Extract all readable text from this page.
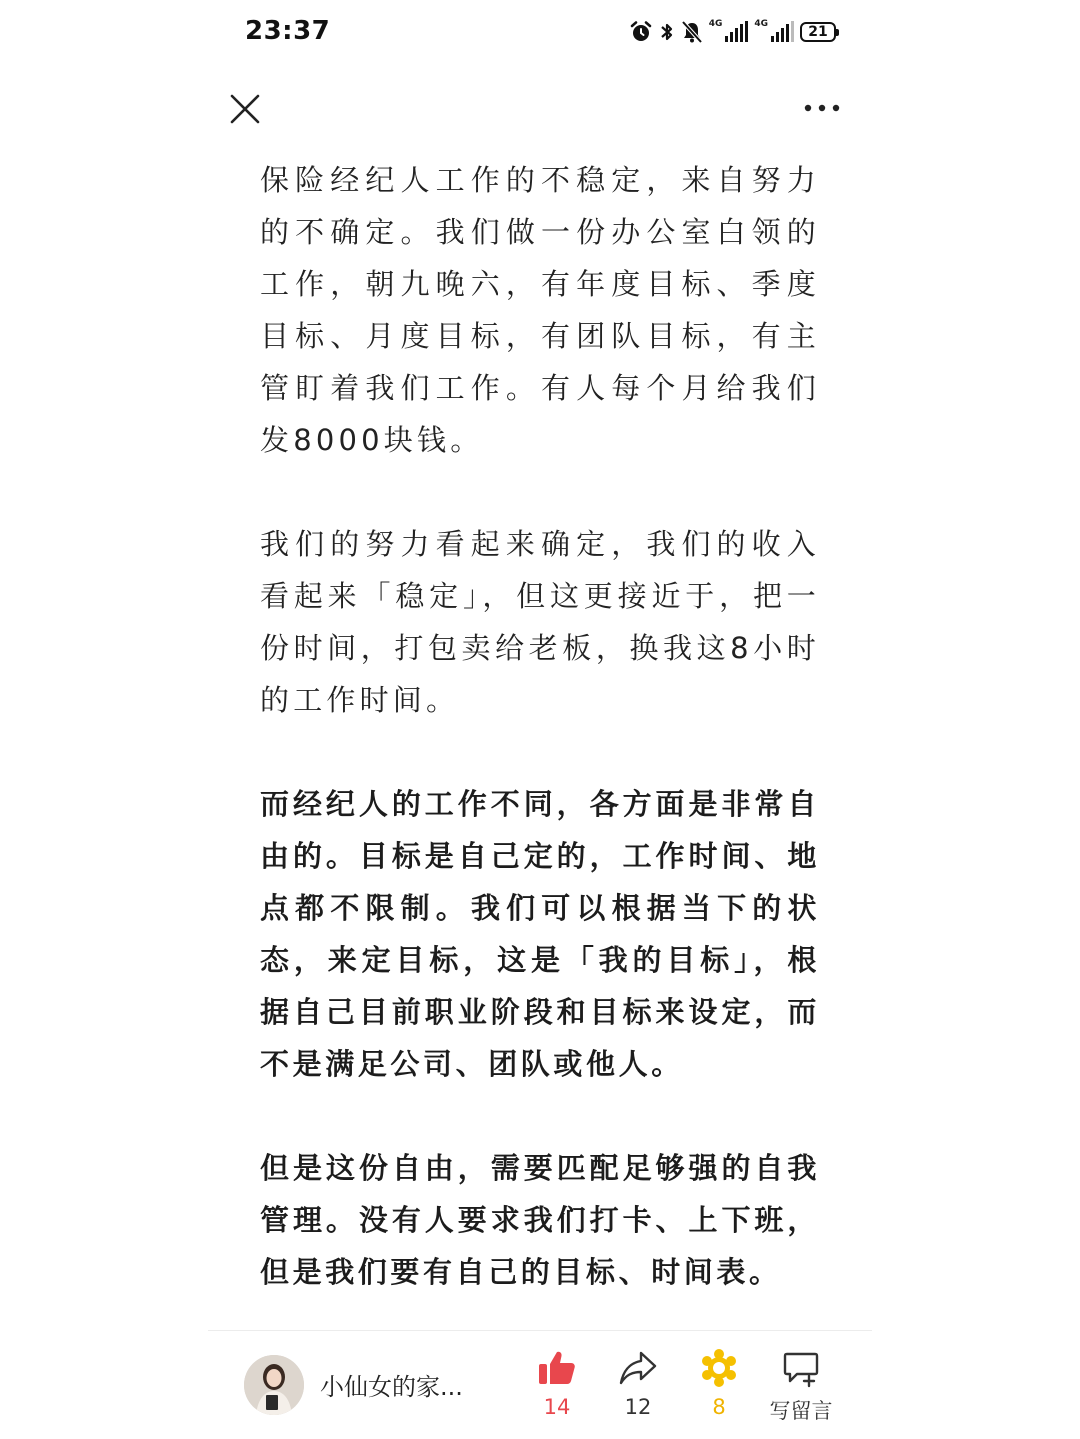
23:37	4G	4G
21

保险经纪人工作的不稳定，来自努力的不确定。我们做一份办公室白领的工作，朝九晚六，有年度目标、季度目标、月度目标，有团队目标，有主管盯着我们工作。有人每个月给我们发8000块钱。

我们的努力看起来确定，我们的收入看起来「稳定」，但这更接近于，把一份时间，打包卖给老板，换我这8小时的工作时间。

而经纪人的工作不同，各方面是非常自由的。目标是自己定的，工作时间、地点都不限制。我们可以根据当下的状态，来定目标，这是「我的目标」，根据自己目前职业阶段和目标来设定，而不是满足公司、团队或他人。

但是这份自由，需要匹配足够强的自我管理。没有人要求我们打卡、上下班，但是我们要有自己的目标、时间表。

小仙女的家...
14	12	8	写留言
